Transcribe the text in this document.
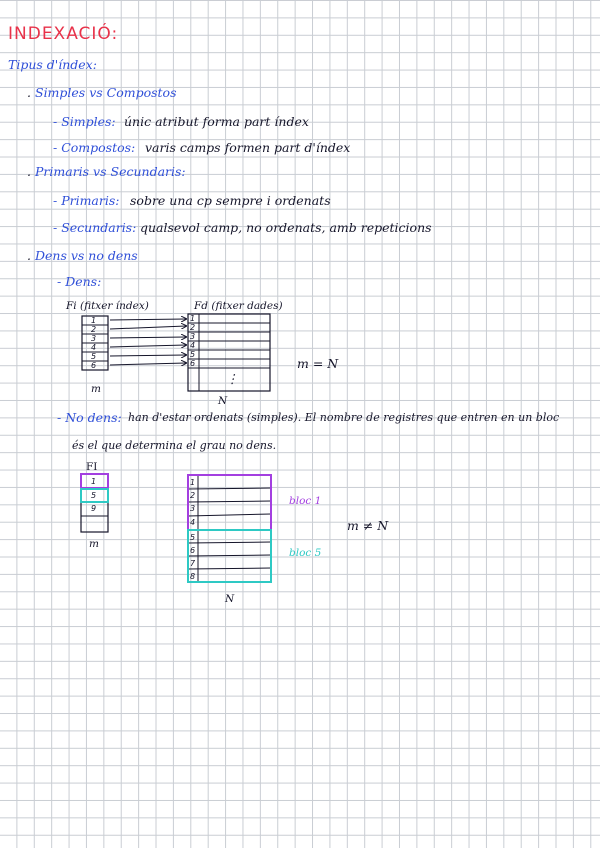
INDEXACIÓ:
Tipus d'índex:
. Simples vs Compostos
- Simples: únic atribut forma part índex
- Compostos: varis camps formen part d'índex
. Primaris vs Secundaris:
- Primaris: sobre una cp sempre i ordenats
- Secundaris: qualsevol camp, no ordenats, amb repeticions
. Dens vs no dens
- Dens:
Fi (fitxer índex)	Fd (fitxer dades)
m
N
m = N
⋮
- No dens: han d'estar ordenats (simples). El nombre de registres que entren en un bloc
és el que determina el grau no dens.
FI
bloc 1
bloc 5
m ≠ N
m
N
1
2
3
4
5
6
1
2
3
4
5
6
1
5
9
1
2
3
4
5
6
7
8
